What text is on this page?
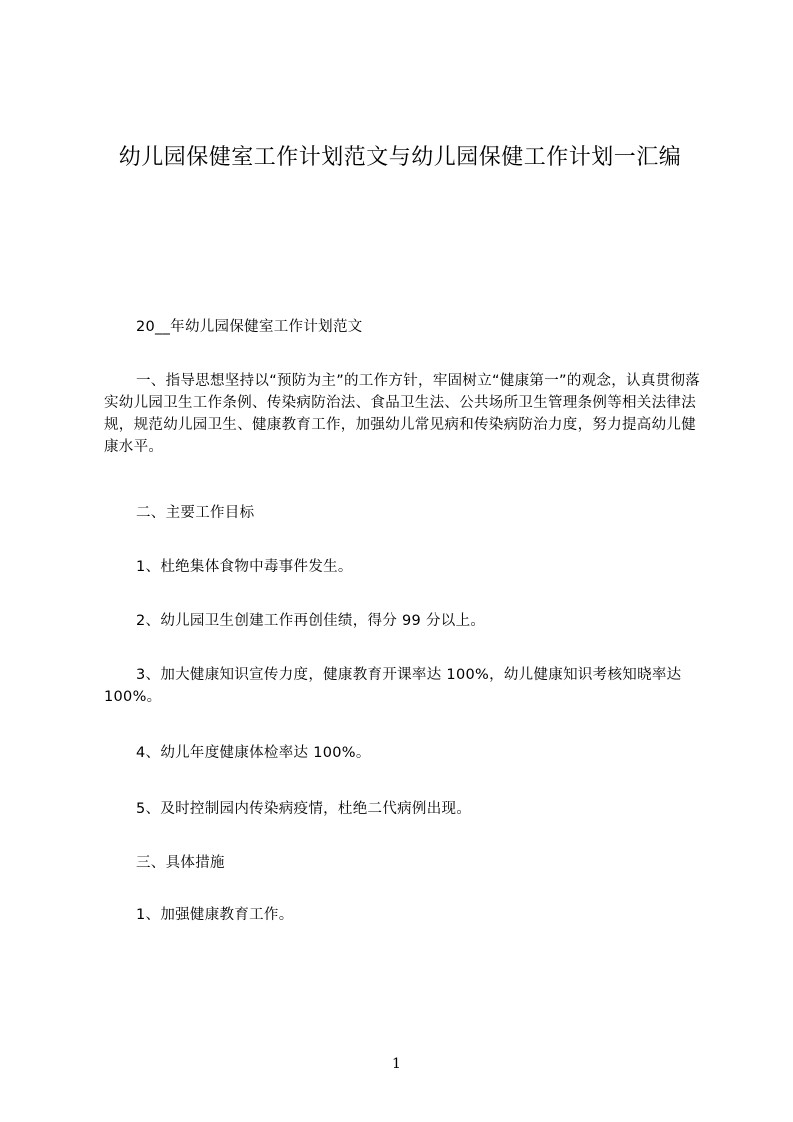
幼儿园保健室工作计划范文与幼儿园保健工作计划一汇编
20__年幼儿园保健室工作计划范文
一、指导思想坚持以“预防为主”的工作方针，牢固树立“健康第一”的观念，认真贯彻落实幼儿园卫生工作条例、传染病防治法、食品卫生法、公共场所卫生管理条例等相关法律法规，规范幼儿园卫生、健康教育工作，加强幼儿常见病和传染病防治力度，努力提高幼儿健康水平。
二、主要工作目标
1、杜绝集体食物中毒事件发生。
2、幼儿园卫生创建工作再创佳绩，得分 99 分以上。
3、加大健康知识宣传力度，健康教育开课率达 100%，幼儿健康知识考核知晓率达 100%。
4、幼儿年度健康体检率达 100%。
5、及时控制园内传染病疫情，杜绝二代病例出现。
三、具体措施
1、加强健康教育工作。
1
